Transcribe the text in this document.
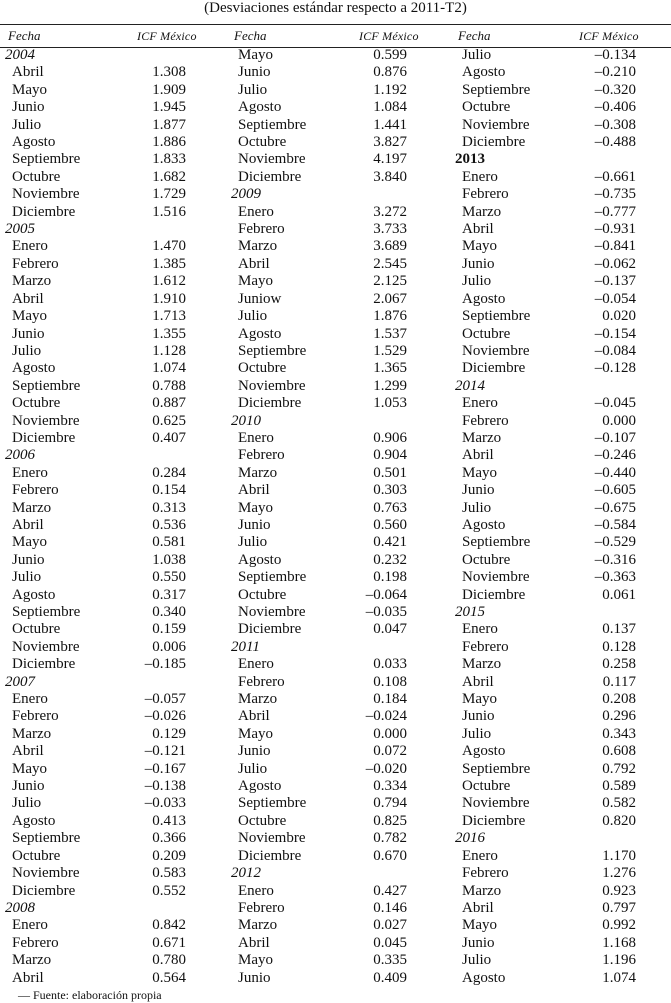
(Desviaciones estándar respecto a 2011-T2)
Fecha	ICF México
2004
Abril	1.308
Mayo	1.909
Junio	1.945
Julio	1.877
Agosto	1.886
Septiembre	1.833
Octubre	1.682
Noviembre	1.729
Diciembre	1.516
2005
Enero	1.470
Febrero	1.385
Marzo	1.612
Abril	1.910
Mayo	1.713
Junio	1.355
Julio	1.128
Agosto	1.074
Septiembre	0.788
Octubre	0.887
Noviembre	0.625
Diciembre	0.407
2006
Enero	0.284
Febrero	0.154
Marzo	0.313
Abril	0.536
Mayo	0.581
Junio	1.038
Julio	0.550
Agosto	0.317
Septiembre	0.340
Octubre	0.159
Noviembre	0.006
Diciembre	–0.185
2007
Enero	–0.057
Febrero	–0.026
Marzo	0.129
Abril	–0.121
Mayo	–0.167
Junio	–0.138
Julio	–0.033
Agosto	0.413
Septiembre	0.366
Octubre	0.209
Noviembre	0.583
Diciembre	0.552
2008
Enero	0.842
Febrero	0.671
Marzo	0.780
Abril	0.564
Fecha	ICF México
Mayo	0.599
Junio	0.876
Julio	1.192
Agosto	1.084
Septiembre	1.441
Octubre	3.827
Noviembre	4.197
Diciembre	3.840
2009
Enero	3.272
Febrero	3.733
Marzo	3.689
Abril	2.545
Mayo	2.125
Juniow	2.067
Julio	1.876
Agosto	1.537
Septiembre	1.529
Octubre	1.365
Noviembre	1.299
Diciembre	1.053
2010
Enero	0.906
Febrero	0.904
Marzo	0.501
Abril	0.303
Mayo	0.763
Junio	0.560
Julio	0.421
Agosto	0.232
Septiembre	0.198
Octubre	–0.064
Noviembre	–0.035
Diciembre	0.047
2011
Enero	0.033
Febrero	0.108
Marzo	0.184
Abril	–0.024
Mayo	0.000
Junio	0.072
Julio	–0.020
Agosto	0.334
Septiembre	0.794
Octubre	0.825
Noviembre	0.782
Diciembre	0.670
2012
Enero	0.427
Febrero	0.146
Marzo	0.027
Abril	0.045
Mayo	0.335
Junio	0.409
Fecha	ICF México
Julio	–0.134
Agosto	–0.210
Septiembre	–0.320
Octubre	–0.406
Noviembre	–0.308
Diciembre	–0.488
2013
Enero	–0.661
Febrero	–0.735
Marzo	–0.777
Abril	–0.931
Mayo	–0.841
Junio	–0.062
Julio	–0.137
Agosto	–0.054
Septiembre	0.020
Octubre	–0.154
Noviembre	–0.084
Diciembre	–0.128
2014
Enero	–0.045
Febrero	0.000
Marzo	–0.107
Abril	–0.246
Mayo	–0.440
Junio	–0.605
Julio	–0.675
Agosto	–0.584
Septiembre	–0.529
Octubre	–0.316
Noviembre	–0.363
Diciembre	0.061
2015
Enero	0.137
Febrero	0.128
Marzo	0.258
Abril	0.117
Mayo	0.208
Junio	0.296
Julio	0.343
Agosto	0.608
Septiembre	0.792
Octubre	0.589
Noviembre	0.582
Diciembre	0.820
2016
Enero	1.170
Febrero	1.276
Marzo	0.923
Abril	0.797
Mayo	0.992
Junio	1.168
Julio	1.196
Agosto	1.074
— Fuente: elaboración propia
